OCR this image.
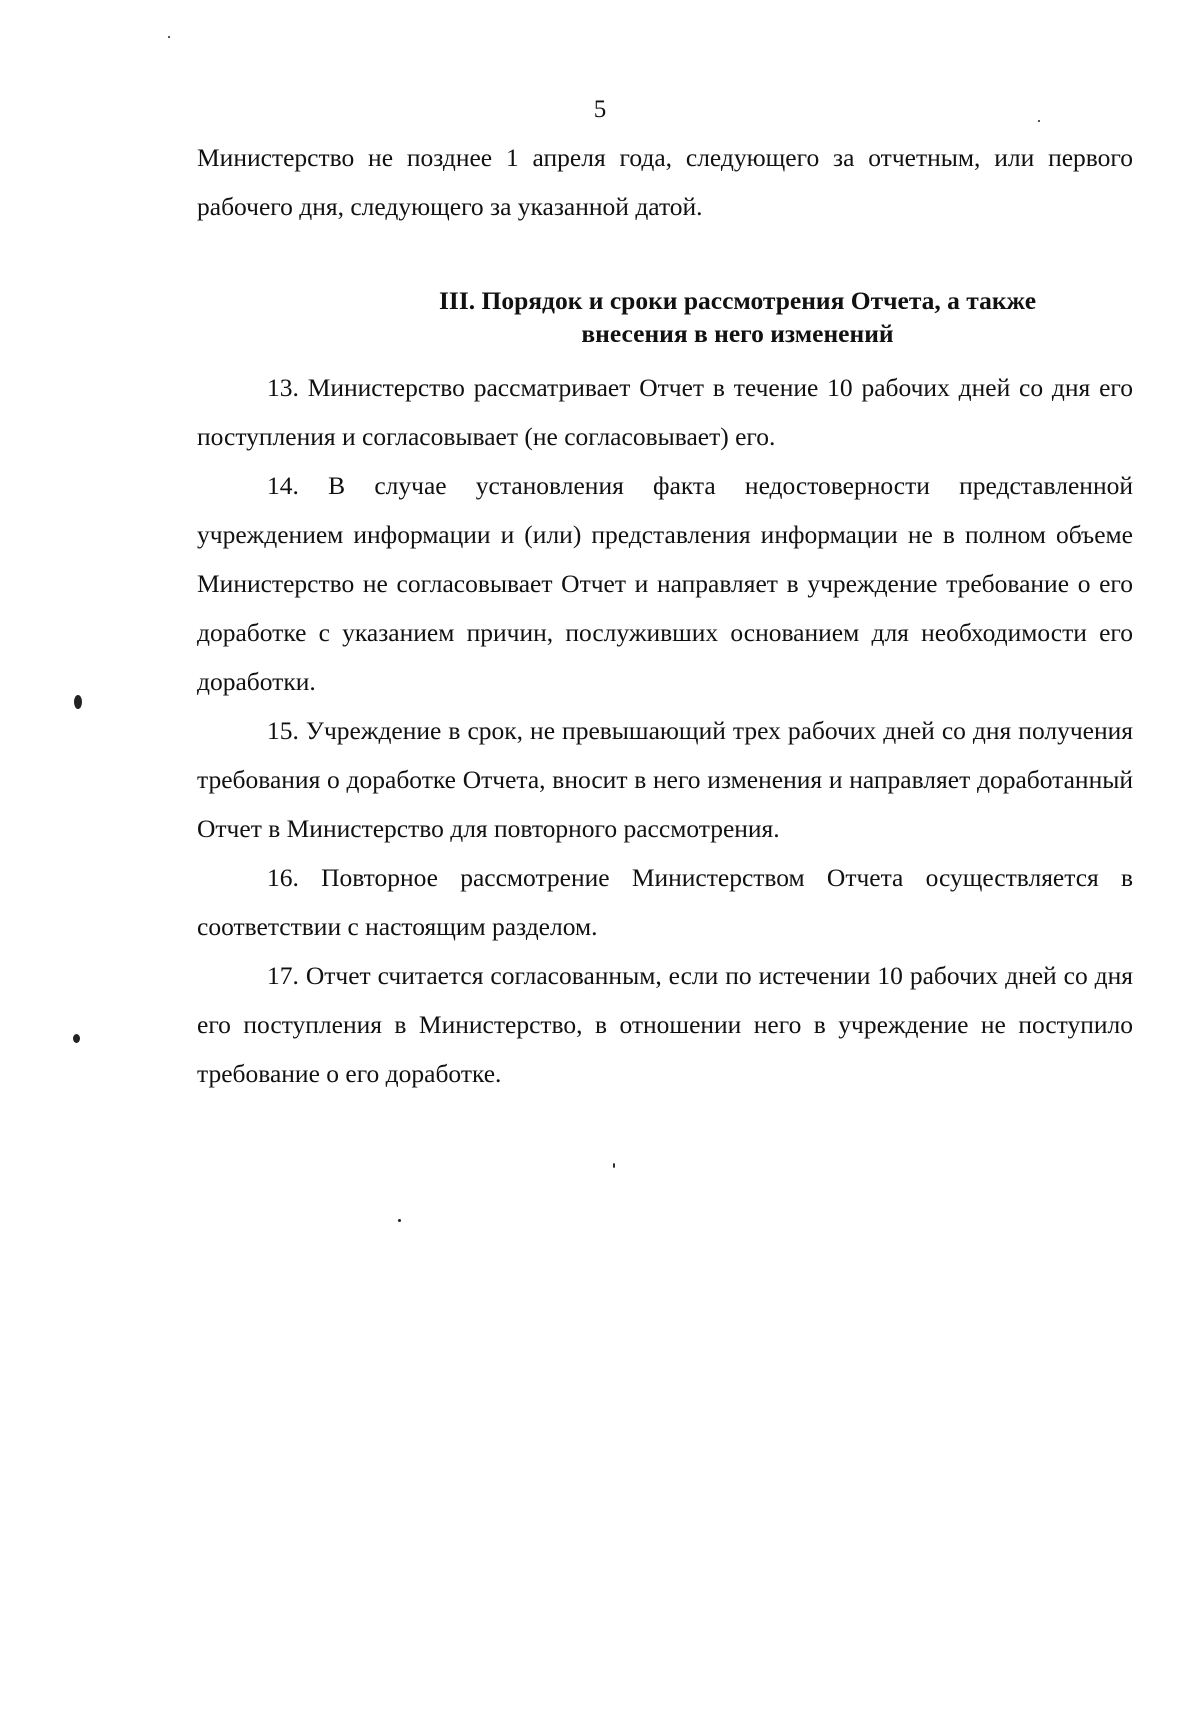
5

Министерство не позднее 1 апреля года, следующего за отчетным, или первого рабочего дня, следующего за указанной датой.

III. Порядок и сроки рассмотрения Отчета, а также
внесения в него изменений

13. Министерство рассматривает Отчет в течение 10 рабочих дней со дня его поступления и согласовывает (не согласовывает) его.

14. В случае установления факта недостоверности представленной учреждением информации и (или) представления информации не в полном объеме Министерство не согласовывает Отчет и направляет в учреждение требование о его доработке с указанием причин, послуживших основанием для необходимости его доработки.

15. Учреждение в срок, не превышающий трех рабочих дней со дня получения требования о доработке Отчета, вносит в него изменения и направляет доработанный Отчет в Министерство для повторного рассмотрения.

16. Повторное рассмотрение Министерством Отчета осуществляется в соответствии с настоящим разделом.

17. Отчет считается согласованным, если по истечении 10 рабочих дней со дня его поступления в Министерство, в отношении него в учреждение не поступило требование о его доработке.
